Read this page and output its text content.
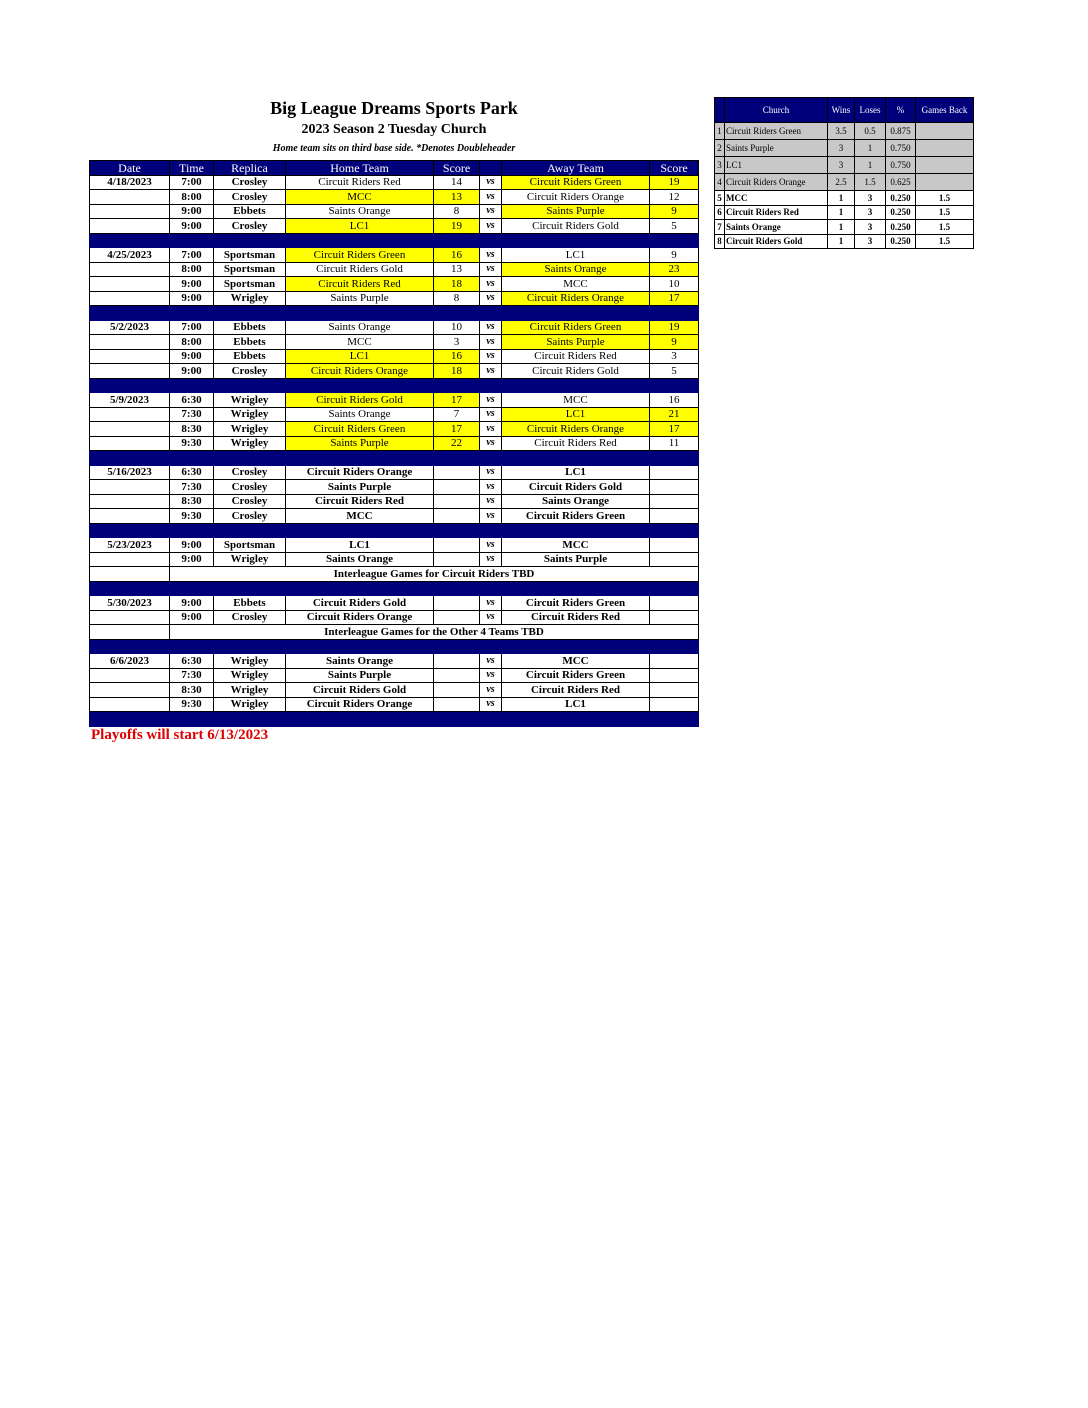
Big League Dreams Sports Park
2023 Season 2 Tuesday Church
Home team sits on third base side. *Denotes Doubleheader
Date	Time	Replica	Home Team	Score		Away Team	Score
4/18/2023	7:00	Crosley	Circuit Riders Red	14	vs	Circuit Riders Green	19
	8:00	Crosley	MCC	13	vs	Circuit Riders Orange	12
	9:00	Ebbets	Saints Orange	8	vs	Saints Purple	9
	9:00	Crosley	LC1	19	vs	Circuit Riders Gold	5

4/25/2023	7:00	Sportsman	Circuit Riders Green	16	vs	LC1	9
	8:00	Sportsman	Circuit Riders Gold	13	vs	Saints Orange	23
	9:00	Sportsman	Circuit Riders Red	18	vs	MCC	10
	9:00	Wrigley	Saints Purple	8	vs	Circuit Riders Orange	17

5/2/2023	7:00	Ebbets	Saints Orange	10	vs	Circuit Riders Green	19
	8:00	Ebbets	MCC	3	vs	Saints Purple	9
	9:00	Ebbets	LC1	16	vs	Circuit Riders Red	3
	9:00	Crosley	Circuit Riders Orange	18	vs	Circuit Riders Gold	5

5/9/2023	6:30	Wrigley	Circuit Riders Gold	17	vs	MCC	16
	7:30	Wrigley	Saints Orange	7	vs	LC1	21
	8:30	Wrigley	Circuit Riders Green	17	vs	Circuit Riders Orange	17
	9:30	Wrigley	Saints Purple	22	vs	Circuit Riders Red	11

5/16/2023	6:30	Crosley	Circuit Riders Orange		vs	LC1	
	7:30	Crosley	Saints Purple		vs	Circuit Riders Gold	
	8:30	Crosley	Circuit Riders Red		vs	Saints Orange	
	9:30	Crosley	MCC		vs	Circuit Riders Green	

5/23/2023	9:00	Sportsman	LC1		vs	MCC	
	9:00	Wrigley	Saints Orange		vs	Saints Purple	
	Interleague Games for Circuit Riders TBD						

5/30/2023	9:00	Ebbets	Circuit Riders Gold		vs	Circuit Riders Green	
	9:00	Crosley	Circuit Riders Orange		vs	Circuit Riders Red	
	Interleague Games for the Other 4 Teams TBD						

6/6/2023	6:30	Wrigley	Saints Orange		vs	MCC	
	7:30	Wrigley	Saints Purple		vs	Circuit Riders Green	
	8:30	Wrigley	Circuit Riders Gold		vs	Circuit Riders Red	
	9:30	Wrigley	Circuit Riders Orange		vs	LC1	

	Church	Wins	Loses	%	Games Back
1	Circuit Riders Green	3.5	0.5	0.875	
2	Saints Purple	3	1	0.750	
3	LC1	3	1	0.750	
4	Circuit Riders Orange	2.5	1.5	0.625	
5	MCC	1	3	0.250	1.5
6	Circuit Riders Red	1	3	0.250	1.5
7	Saints Orange	1	3	0.250	1.5
8	Circuit Riders Gold	1	3	0.250	1.5
Playoffs will start 6/13/2023
